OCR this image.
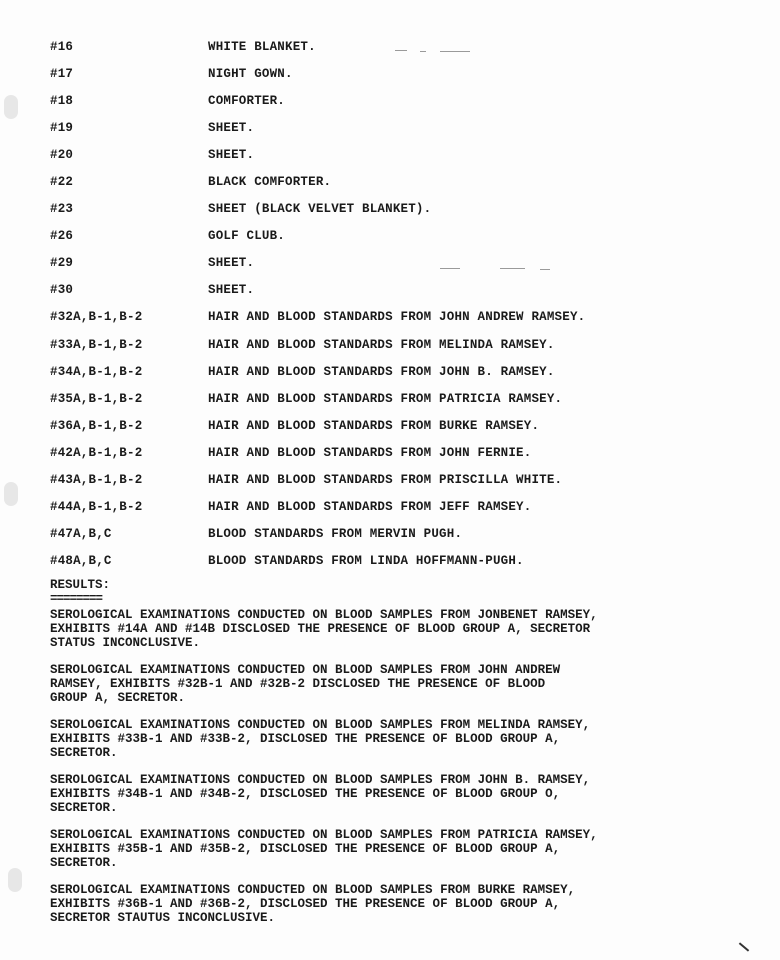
#16	WHITE BLANKET.
#17	NIGHT GOWN.
#18	COMFORTER.
#19	SHEET.
#20	SHEET.
#22	BLACK COMFORTER.
#23	SHEET (BLACK VELVET BLANKET).
#26	GOLF CLUB.
#29	SHEET.
#30	SHEET.
#32A,B-1,B-2	HAIR AND BLOOD STANDARDS FROM JOHN ANDREW RAMSEY.
#33A,B-1,B-2	HAIR AND BLOOD STANDARDS FROM MELINDA RAMSEY.
#34A,B-1,B-2	HAIR AND BLOOD STANDARDS FROM JOHN B. RAMSEY.
#35A,B-1,B-2	HAIR AND BLOOD STANDARDS FROM PATRICIA RAMSEY.
#36A,B-1,B-2	HAIR AND BLOOD STANDARDS FROM BURKE RAMSEY.
#42A,B-1,B-2	HAIR AND BLOOD STANDARDS FROM JOHN FERNIE.
#43A,B-1,B-2	HAIR AND BLOOD STANDARDS FROM PRISCILLA WHITE.
#44A,B-1,B-2	HAIR AND BLOOD STANDARDS FROM JEFF RAMSEY.
#47A,B,C	BLOOD STANDARDS FROM MERVIN PUGH.
#48A,B,C	BLOOD STANDARDS FROM LINDA HOFFMANN-PUGH.

RESULTS:

========

SEROLOGICAL EXAMINATIONS CONDUCTED ON BLOOD SAMPLES FROM JONBENET RAMSEY,
EXHIBITS #14A AND #14B DISCLOSED THE PRESENCE OF BLOOD GROUP A, SECRETOR
STATUS INCONCLUSIVE.

SEROLOGICAL EXAMINATIONS CONDUCTED ON BLOOD SAMPLES FROM JOHN ANDREW
RAMSEY, EXHIBITS #32B-1 AND #32B-2 DISCLOSED THE PRESENCE OF BLOOD
GROUP A, SECRETOR.

SEROLOGICAL EXAMINATIONS CONDUCTED ON BLOOD SAMPLES FROM MELINDA RAMSEY,
EXHIBITS #33B-1 AND #33B-2, DISCLOSED THE PRESENCE OF BLOOD GROUP A,
SECRETOR.

SEROLOGICAL EXAMINATIONS CONDUCTED ON BLOOD SAMPLES FROM JOHN B. RAMSEY,
EXHIBITS #34B-1 AND #34B-2, DISCLOSED THE PRESENCE OF BLOOD GROUP O,
SECRETOR.

SEROLOGICAL EXAMINATIONS CONDUCTED ON BLOOD SAMPLES FROM PATRICIA RAMSEY,
EXHIBITS #35B-1 AND #35B-2, DISCLOSED THE PRESENCE OF BLOOD GROUP A,
SECRETOR.

SEROLOGICAL EXAMINATIONS CONDUCTED ON BLOOD SAMPLES FROM BURKE RAMSEY,
EXHIBITS #36B-1 AND #36B-2, DISCLOSED THE PRESENCE OF BLOOD GROUP A,
SECRETOR STAUTUS INCONCLUSIVE.
